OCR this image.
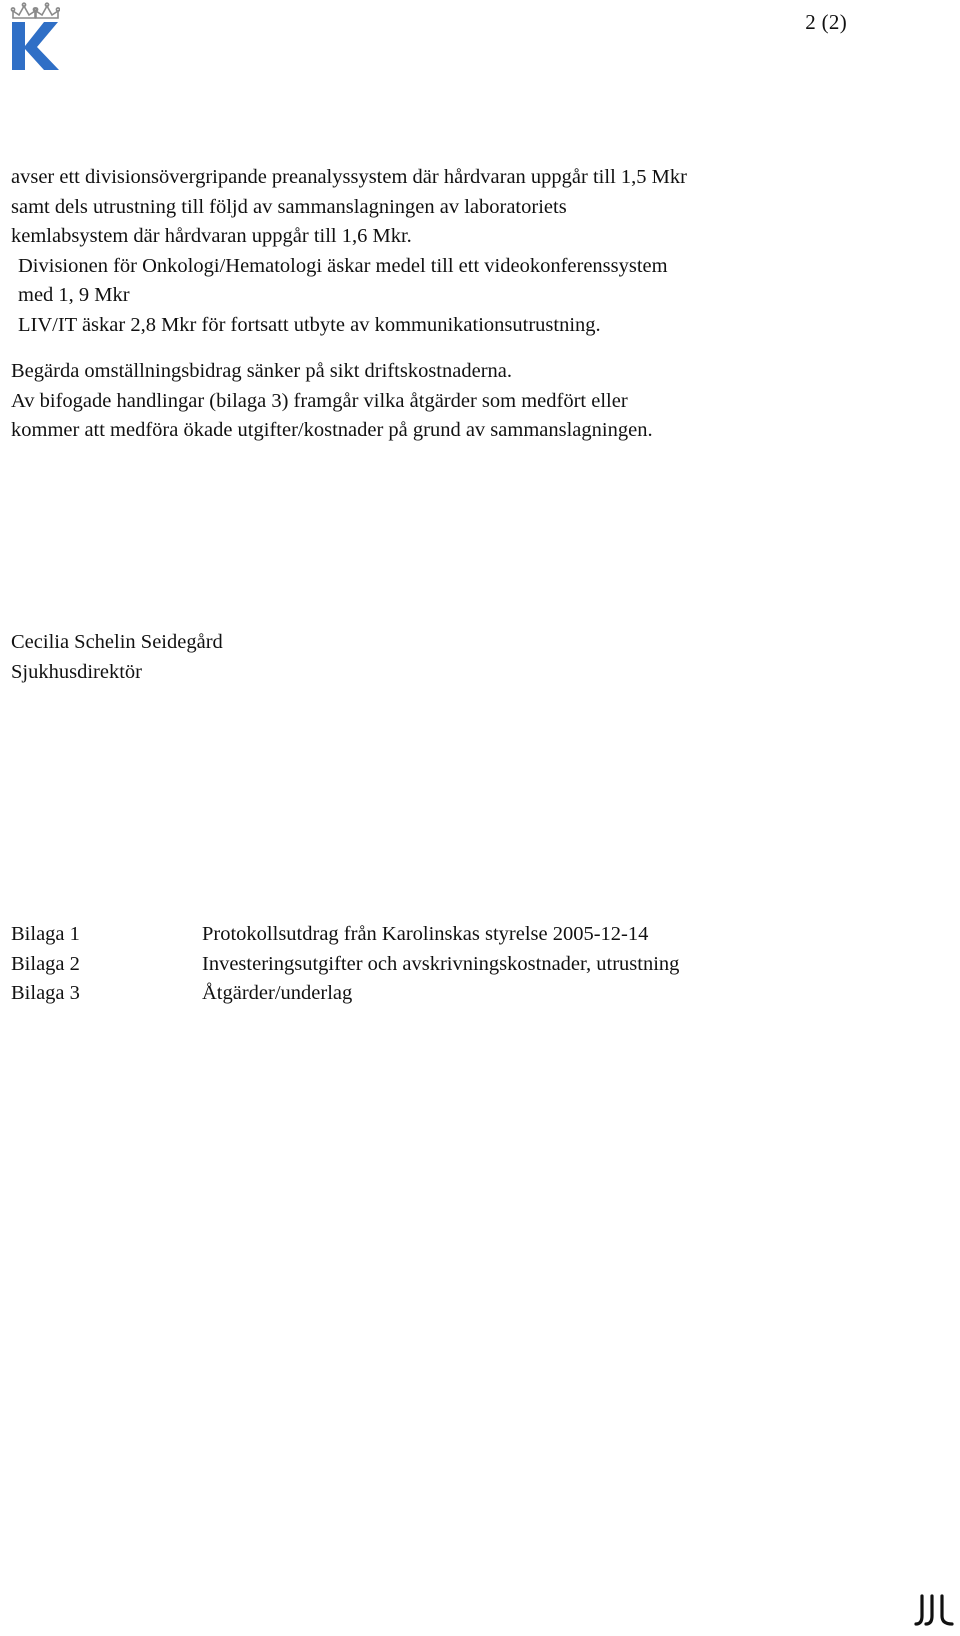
2 (2)
avser ett divisionsövergripande preanalyssystem där hårdvaran uppgår till 1,5 Mkr
samt dels utrustning till följd av sammanslagningen av laboratoriets
kemlabsystem där hårdvaran uppgår till 1,6 Mkr.
Divisionen för Onkologi/Hematologi äskar medel till ett videokonferenssystem
med 1, 9 Mkr
LIV/IT äskar 2,8 Mkr för fortsatt utbyte av kommunikationsutrustning.
Begärda omställningsbidrag sänker på sikt driftskostnaderna.
Av bifogade handlingar (bilaga 3) framgår vilka åtgärder som medfört eller
kommer att medföra ökade utgifter/kostnader på grund av sammanslagningen.
Cecilia Schelin Seidegård
Sjukhusdirektör
Bilaga 1	Protokollsutdrag från Karolinskas styrelse 2005-12-14
Bilaga 2	Investeringsutgifter och avskrivningskostnader, utrustning
Bilaga 3	Åtgärder/underlag
